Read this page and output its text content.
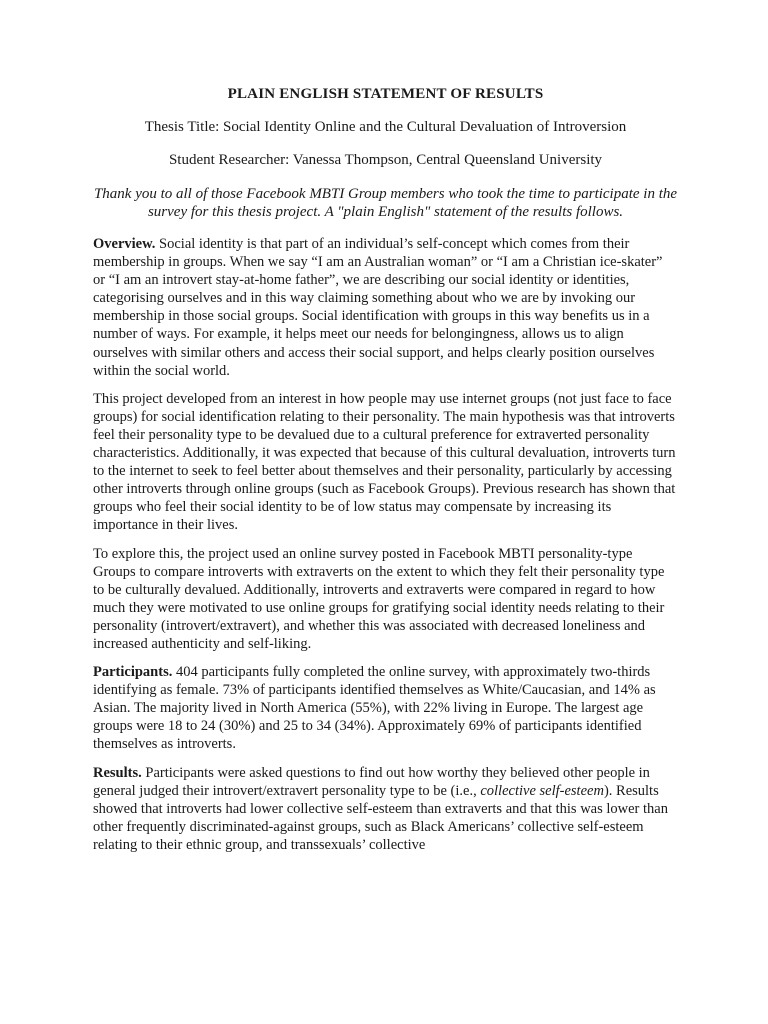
PLAIN ENGLISH STATEMENT OF RESULTS

Thesis Title: Social Identity Online and the Cultural Devaluation of Introversion

Student Researcher: Vanessa Thompson, Central Queensland University

Thank you to all of those Facebook MBTI Group members who took the time to participate in the survey for this thesis project. A "plain English" statement of the results follows.

Overview. Social identity is that part of an individual’s self-concept which comes from their membership in groups. When we say “I am an Australian woman” or “I am a Christian ice-skater” or “I am an introvert stay-at-home father”, we are describing our social identity or identities, categorising ourselves and in this way claiming something about who we are by invoking our membership in those social groups. Social identification with groups in this way benefits us in a number of ways. For example, it helps meet our needs for belongingness, allows us to align ourselves with similar others and access their social support, and helps clearly position ourselves within the social world.

This project developed from an interest in how people may use internet groups (not just face to face groups) for social identification relating to their personality. The main hypothesis was that introverts feel their personality type to be devalued due to a cultural preference for extraverted personality characteristics. Additionally, it was expected that because of this cultural devaluation, introverts turn to the internet to seek to feel better about themselves and their personality, particularly by accessing other introverts through online groups (such as Facebook Groups). Previous research has shown that groups who feel their social identity to be of low status may compensate by increasing its importance in their lives.

To explore this, the project used an online survey posted in Facebook MBTI personality-type Groups to compare introverts with extraverts on the extent to which they felt their personality type to be culturally devalued. Additionally, introverts and extraverts were compared in regard to how much they were motivated to use online groups for gratifying social identity needs relating to their personality (introvert/extravert), and whether this was associated with decreased loneliness and increased authenticity and self-liking.

Participants. 404 participants fully completed the online survey, with approximately two-thirds identifying as female. 73% of participants identified themselves as White/Caucasian, and 14% as Asian. The majority lived in North America (55%), with 22% living in Europe. The largest age groups were 18 to 24 (30%) and 25 to 34 (34%). Approximately 69% of participants identified themselves as introverts.

Results. Participants were asked questions to find out how worthy they believed other people in general judged their introvert/extravert personality type to be (i.e., collective self-esteem). Results showed that introverts had lower collective self-esteem than extraverts and that this was lower than other frequently discriminated-against groups, such as Black Americans’ collective self-esteem relating to their ethnic group, and transsexuals’ collective
